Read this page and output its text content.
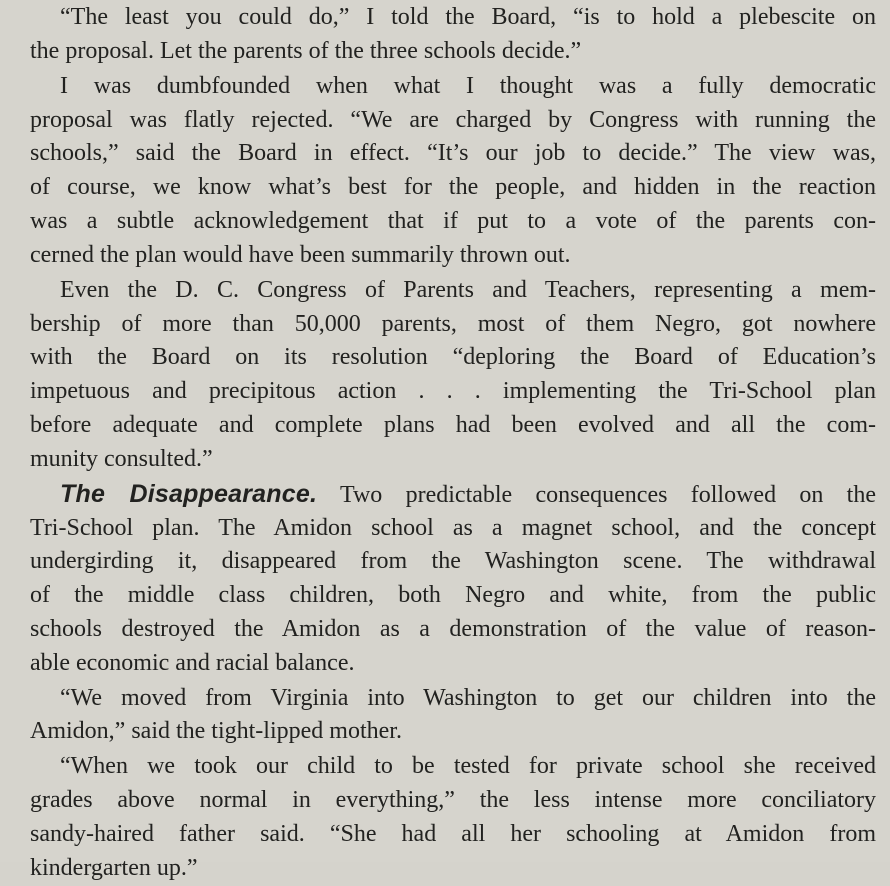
“The least you could do,” I told the Board, “is to hold a plebescite on
the proposal. Let the parents of the three schools decide.”

I was dumbfounded when what I thought was a fully democratic
proposal was flatly rejected. “We are charged by Congress with running the
schools,” said the Board in effect. “It’s our job to decide.” The view was,
of course, we know what’s best for the people, and hidden in the reaction
was a subtle acknowledgement that if put to a vote of the parents con-
cerned the plan would have been summarily thrown out.

Even the D. C. Congress of Parents and Teachers, representing a mem-
bership of more than 50,000 parents, most of them Negro, got nowhere
with the Board on its resolution “deploring the Board of Education’s
impetuous and precipitous action . . . implementing the Tri-School plan
before adequate and complete plans had been evolved and all the com-
munity consulted.”

The Disappearance. Two predictable consequences followed on the
Tri-School plan. The Amidon school as a magnet school, and the concept
undergirding it, disappeared from the Washington scene. The withdrawal
of the middle class children, both Negro and white, from the public
schools destroyed the Amidon as a demonstration of the value of reason-
able economic and racial balance.

“We moved from Virginia into Washington to get our children into the
Amidon,” said the tight-lipped mother.

“When we took our child to be tested for private school she received
grades above normal in everything,” the less intense more conciliatory
sandy-haired father said. “She had all her schooling at Amidon from
kindergarten up.”
